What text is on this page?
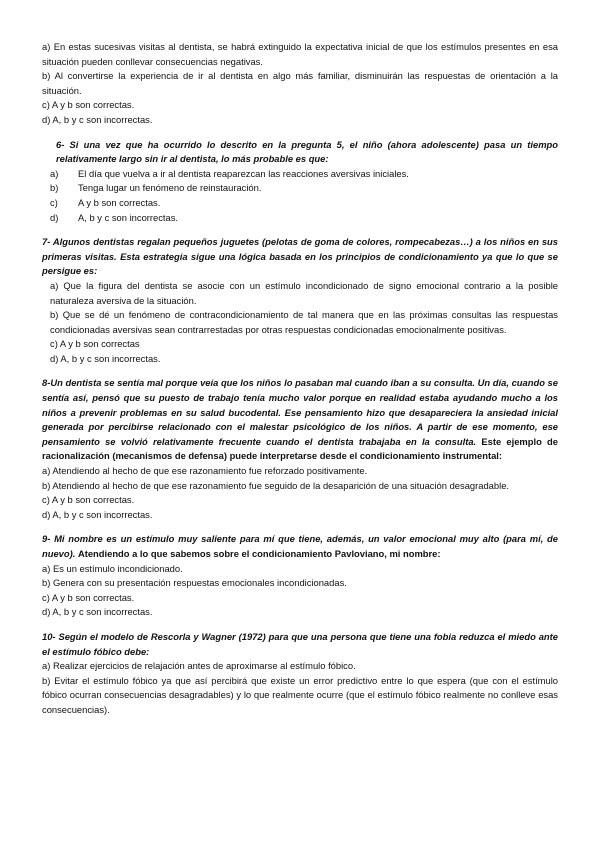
a) En estas sucesivas visitas al dentista, se habrá extinguido la expectativa inicial de que los estímulos presentes en esa situación pueden conllevar consecuencias negativas.

b) Al convertirse la experiencia de ir al dentista en algo más familiar, disminuirán las respuestas de orientación a la situación.

c) A y b son correctas.

d) A, b y c son incorrectas.

6- Si una vez que ha ocurrido lo descrito en la pregunta 5, el niño (ahora adolescente) pasa un tiempo relativamente largo sin ir al dentista, lo más probable es que:

a)	El día que vuelva a ir al dentista reaparezcan las reacciones aversivas iniciales.
b)	Tenga lugar un fenómeno de reinstauración.
c)	A y b son correctas.
d)	A, b y c son incorrectas.

7- Algunos dentistas regalan pequeños juguetes (pelotas de goma de colores, rompecabezas…) a los niños en sus primeras visitas. Esta estrategia sigue una lógica basada en los principios de condicionamiento ya que lo que se persigue es:

a) Que la figura del dentista se asocie con un estímulo incondicionado de signo emocional contrario a la posible naturaleza aversiva de la situación.

b) Que se dé un fenómeno de contracondicionamiento de tal manera que en las próximas consultas las respuestas condicionadas aversivas sean contrarrestadas por otras respuestas condicionadas emocionalmente positivas.

c) A y b son correctas

d) A, b y c son incorrectas.

8-Un dentista se sentía mal porque veía que los niños lo pasaban mal cuando iban a su consulta. Un día, cuando se sentía así, pensó que su puesto de trabajo tenía mucho valor porque en realidad estaba ayudando mucho a los niños a prevenir problemas en su salud bucodental. Ese pensamiento hizo que desapareciera la ansiedad inicial generada por percibirse relacionado con el malestar psicológico de los niños. A partir de ese momento, ese pensamiento se volvió relativamente frecuente cuando el dentista trabajaba en la consulta. Este ejemplo de racionalización (mecanismos de defensa) puede interpretarse desde el condicionamiento instrumental:

a) Atendiendo al hecho de que ese razonamiento fue reforzado positivamente.

b) Atendiendo al hecho de que ese razonamiento fue seguido de la desaparición de una situación desagradable.

c) A y b son correctas.

d) A, b y c son incorrectas.

9- Mi nombre es un estímulo muy saliente para mí que tiene, además, un valor emocional muy alto (para mí, de nuevo). Atendiendo a lo que sabemos sobre el condicionamiento Pavloviano, mi nombre:

a) Es un estímulo incondicionado.

b) Genera con su presentación respuestas emocionales incondicionadas.

c) A y b son correctas.

d) A, b y c son incorrectas.

10- Según el modelo de Rescorla y Wagner (1972) para que una persona que tiene una fobia reduzca el miedo ante el estímulo fóbico debe:

a) Realizar ejercicios de relajación antes de aproximarse al estímulo fóbico.

b) Evitar el estímulo fóbico ya que así percibirá que existe un error predictivo entre lo que espera (que con el estímulo fóbico ocurran consecuencias desagradables) y lo que realmente ocurre (que el estímulo fóbico realmente no conlleve esas consecuencias).
